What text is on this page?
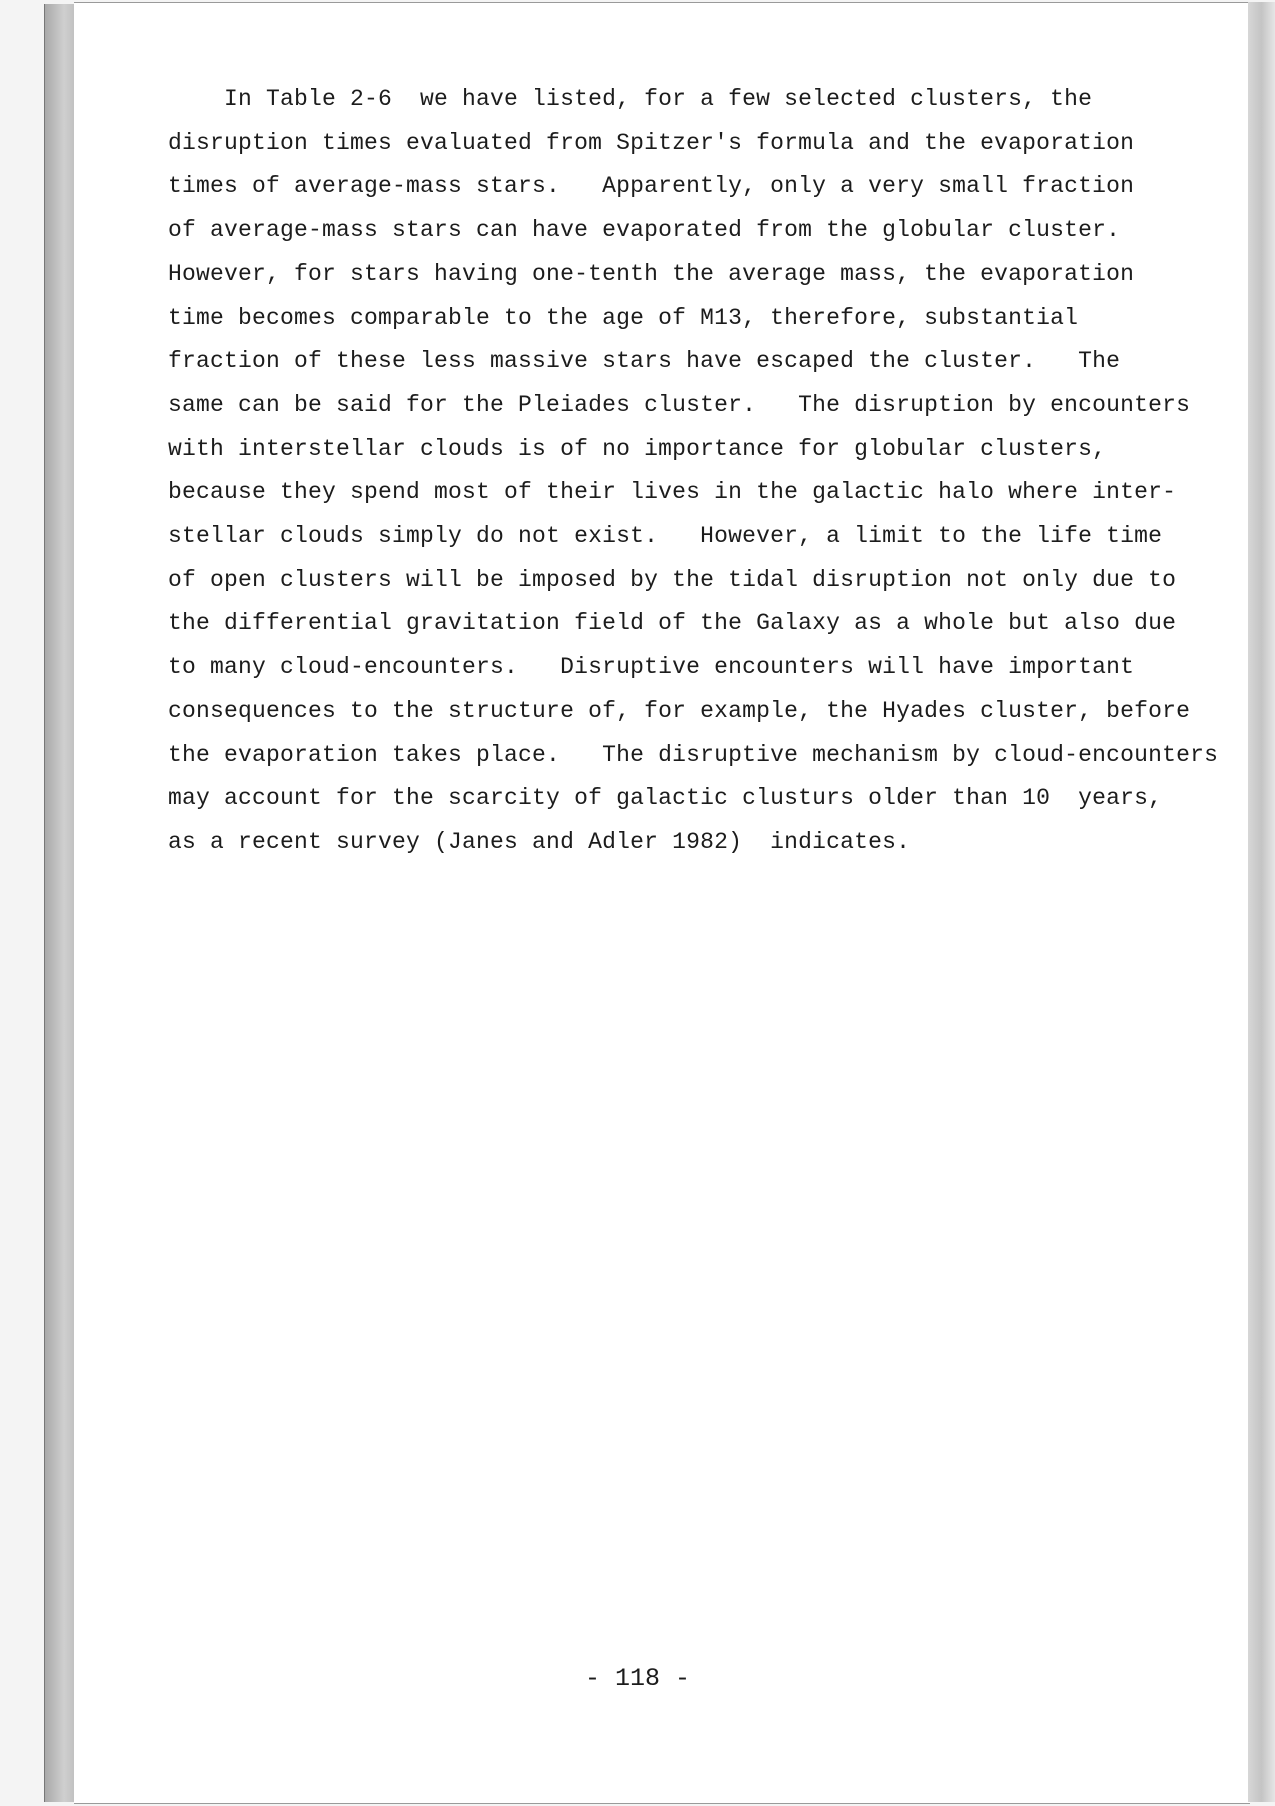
In Table 2-6  we have listed, for a few selected clusters, the
disruption times evaluated from Spitzer's formula and the evaporation
times of average-mass stars.   Apparently, only a very small fraction
of average-mass stars can have evaporated from the globular cluster.
However, for stars having one-tenth the average mass, the evaporation
time becomes comparable to the age of M13, therefore, substantial
fraction of these less massive stars have escaped the cluster.   The
same can be said for the Pleiades cluster.   The disruption by encounters
with interstellar clouds is of no importance for globular clusters,
because they spend most of their lives in the galactic halo where inter-
stellar clouds simply do not exist.   However, a limit to the life time
of open clusters will be imposed by the tidal disruption not only due to
the differential gravitation field of the Galaxy as a whole but also due
to many cloud-encounters.   Disruptive encounters will have important
consequences to the structure of, for example, the Hyades cluster, before
the evaporation takes place.   The disruptive mechanism by cloud-encounters
may account for the scarcity of galactic clusturs older than 10  years,
as a recent survey (Janes and Adler 1982)  indicates.
- 118 -
